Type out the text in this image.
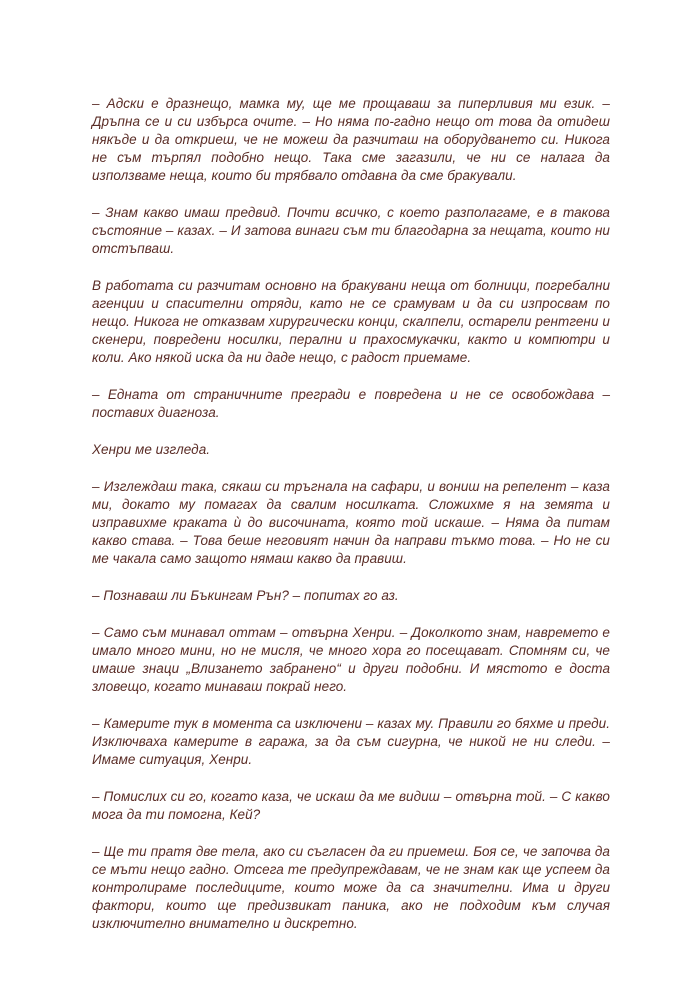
– Адски е дразнещо, мамка му, ще ме прощаваш за пиперливия ми език. – Дръпна се и си избърса очите. – Но няма по-гадно нещо от това да отидеш някъде и да откриеш, че не можеш да разчиташ на оборудването си. Никога не съм търпял подобно нещо. Така сме загазили, че ни се налага да използваме неща, които би трябвало отдавна да сме бракували.

– Знам какво имаш предвид. Почти всичко, с което разполагаме, е в такова състояние – казах. – И затова винаги съм ти благодарна за нещата, които ни отстъпваш.

В работата си разчитам основно на бракувани неща от болници, погребални агенции и спасителни отряди, като не се срамувам и да си изпросвам по нещо. Никога не отказвам хирургически конци, скалпели, остарели рентгени и скенери, повредени носилки, перални и прахосмукачки, както и компютри и коли. Ако някой иска да ни даде нещо, с радост приемаме.

– Едната от страничните прегради е повредена и не се освобождава – поставих диагноза.

Хенри ме изгледа.

– Изглеждаш така, сякаш си тръгнала на сафари, и вониш на репелент – каза ми, докато му помагах да свалим носилката. Сложихме я на земята и изправихме краката ѝ до височината, която той искаше. – Няма да питам какво става. – Това беше неговият начин да направи тъкмо това. – Но не си ме чакала само защото нямаш какво да правиш.

– Познаваш ли Бъкингам Рън? – попитах го аз.

– Само съм минавал оттам – отвърна Хенри. – Доколкото знам, навремето е имало много мини, но не мисля, че много хора го посещават. Спомням си, че имаше знаци „Влизането забранено“ и други подобни. И мястото е доста зловещо, когато минаваш покрай него.

– Камерите тук в момента са изключени – казах му. Правили го бяхме и преди. Изключваха камерите в гаража, за да съм сигурна, че никой не ни следи. – Имаме ситуация, Хенри.

– Помислих си го, когато каза, че искаш да ме видиш – отвърна той. – С какво мога да ти помогна, Кей?

– Ще ти пратя две тела, ако си съгласен да ги приемеш. Боя се, че започва да се мъти нещо гадно. Отсега те предупреждавам, че не знам как ще успеем да контролираме последиците, които може да са значителни. Има и други фактори, които ще предизвикат паника, ако не подходим към случая изключително внимателно и дискретно.
